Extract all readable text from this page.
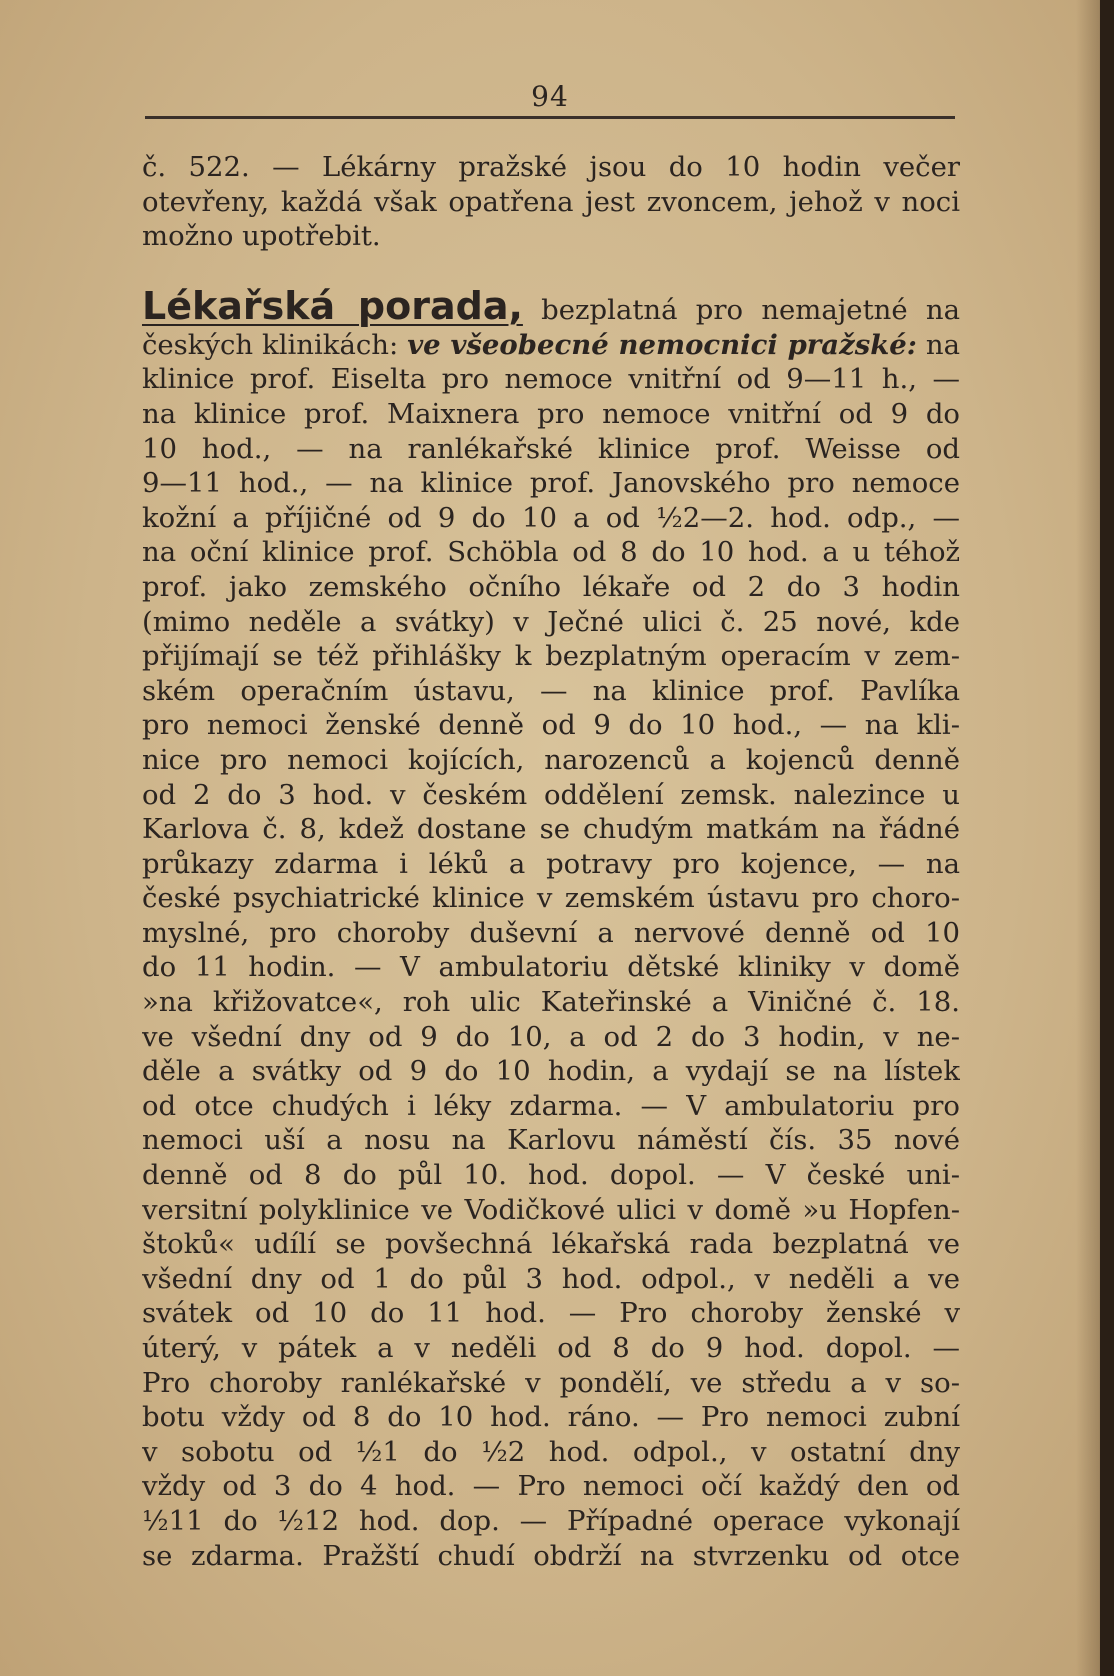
94
č. 522. — Lékárny pražské jsou do 10 hodin večer
otevřeny, každá však opatřena jest zvoncem, jehož v noci
možno upotřebit.
Lékařská porada, bezplatná pro nemajetné na
českých klinikách: ve všeobecné nemocnici pražské: na
klinice prof. Eiselta pro nemoce vnitřní od 9—11 h., —
na klinice prof. Maixnera pro nemoce vnitřní od 9 do
10 hod., — na ranlékařské klinice prof. Weisse od
9—11 hod., — na klinice prof. Janovského pro nemoce
kožní a příjičné od 9 do 10 a od ½2—2. hod. odp., —
na oční klinice prof. Schöbla od 8 do 10 hod. a u téhož
prof. jako zemského očního lékaře od 2 do 3 hodin
(mimo neděle a svátky) v Ječné ulici č. 25 nové, kde
přijímají se též přihlášky k bezplatným operacím v zem-
ském operačním ústavu, — na klinice prof. Pavlíka
pro nemoci ženské denně od 9 do 10 hod., — na kli-
nice pro nemoci kojících, narozenců a kojenců denně
od 2 do 3 hod. v českém oddělení zemsk. nalezince u
Karlova č. 8, kdež dostane se chudým matkám na řádné
průkazy zdarma i léků a potravy pro kojence, — na
české psychiatrické klinice v zemském ústavu pro choro-
myslné, pro choroby duševní a nervové denně od 10
do 11 hodin. — V ambulatoriu dětské kliniky v domě
»na křižovatce«, roh ulic Kateřinské a Viničné č. 18.
ve všední dny od 9 do 10, a od 2 do 3 hodin, v ne-
děle a svátky od 9 do 10 hodin, a vydají se na lístek
od otce chudých i léky zdarma. — V ambulatoriu pro
nemoci uší a nosu na Karlovu náměstí čís. 35 nové
denně od 8 do půl 10. hod. dopol. — V české uni-
versitní polyklinice ve Vodičkové ulici v domě »u Hopfen-
štoků« udílí se povšechná lékařská rada bezplatná ve
všední dny od 1 do půl 3 hod. odpol., v neděli a ve
svátek od 10 do 11 hod. — Pro choroby ženské v
úterý, v pátek a v neděli od 8 do 9 hod. dopol. —
Pro choroby ranlékařské v pondělí, ve středu a v so-
botu vždy od 8 do 10 hod. ráno. — Pro nemoci zubní
v sobotu od ½1 do ½2 hod. odpol., v ostatní dny
vždy od 3 do 4 hod. — Pro nemoci očí každý den od
½11 do ½12 hod. dop. — Případné operace vykonají
se zdarma. Pražští chudí obdrží na stvrzenku od otce
